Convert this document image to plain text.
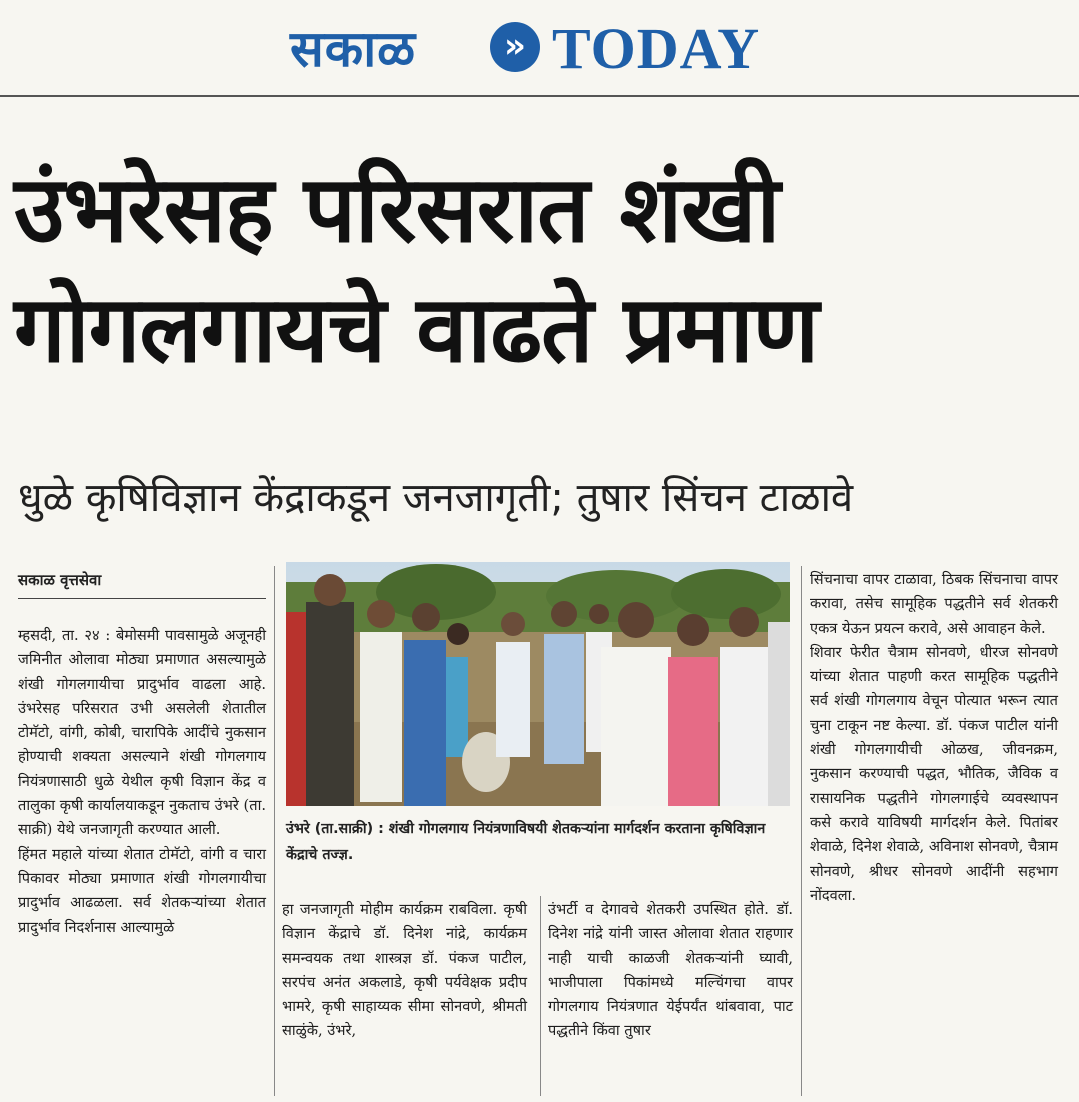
सकाळ	» TODAY
उंभरेसह परिसरात शंखी
गोगलगायचे वाढते प्रमाण
धुळे कृषिविज्ञान केंद्राकडून जनजागृती; तुषार सिंचन टाळावे
सकाळ वृत्तसेवा
म्हसदी, ता. २४ : बेमोसमी पावसामुळे अजूनही जमिनीत ओलावा मोठ्या प्रमाणात असल्यामुळे शंखी गोगलगायीचा प्रादुर्भाव वाढला आहे. उंभरेसह परिसरात उभी असलेली शेतातील टोमॅटो, वांगी, कोबी, चारापिके आदींचे नुकसान होण्याची शक्यता असल्याने शंखी गोगलगाय नियंत्रणासाठी धुळे येथील कृषी विज्ञान केंद्र व तालुका कृषी कार्यालयाकडून नुकताच उंभरे (ता. साक्री) येथे जनजागृती करण्यात आली.
हिंमत महाले यांच्या शेतात टोमॅटो, वांगी व चारा पिकावर मोठ्या प्रमाणात शंखी गोगलगायीचा प्रादुर्भाव आढळला. सर्व शेतकऱ्यांच्या शेतात प्रादुर्भाव निदर्शनास आल्यामुळे
उंभरे (ता.साक्री) : शंखी गोगलगाय नियंत्रणाविषयी शेतकऱ्यांना मार्गदर्शन करताना कृषिविज्ञान केंद्राचे तज्ज्ञ.
हा जनजागृती मोहीम कार्यक्रम राबविला. कृषी विज्ञान केंद्राचे डॉ. दिनेश नांद्रे, कार्यक्रम समन्वयक तथा शास्त्रज्ञ डॉ. पंकज पाटील, सरपंच अनंत अकलाडे, कृषी पर्यवेक्षक प्रदीप भामरे, कृषी साहाय्यक सीमा सोनवणे, श्रीमती साळुंके, उंभरे,
उंभर्टी व देगावचे शेतकरी उपस्थित होते. डॉ. दिनेश नांद्रे यांनी जास्त ओलावा शेतात राहणार नाही याची काळजी शेतकऱ्यांनी घ्यावी, भाजीपाला पिकांमध्ये मल्चिंगचा वापर गोगलगाय नियंत्रणात येईपर्यंत थांबवावा, पाट पद्धतीने किंवा तुषार
सिंचनाचा वापर टाळावा, ठिबक सिंचनाचा वापर करावा, तसेच सामूहिक पद्धतीने सर्व शेतकरी एकत्र येऊन प्रयत्न करावे, असे आवाहन केले.
शिवार फेरीत चैत्राम सोनवणे, धीरज सोनवणे यांच्या शेतात पाहणी करत सामूहिक पद्धतीने सर्व शंखी गोगलगाय वेचून पोत्यात भरून त्यात चुना टाकून नष्ट केल्या. डॉ. पंकज पाटील यांनी शंखी गोगलगायीची ओळख, जीवनक्रम, नुकसान करण्याची पद्धत, भौतिक, जैविक व रासायनिक पद्धतीने गोगलगाईचे व्यवस्थापन कसे करावे याविषयी मार्गदर्शन केले. पितांबर शेवाळे, दिनेश शेवाळे, अविनाश सोनवणे, चैत्राम सोनवणे, श्रीधर सोनवणे आदींनी सहभाग नोंदवला.
